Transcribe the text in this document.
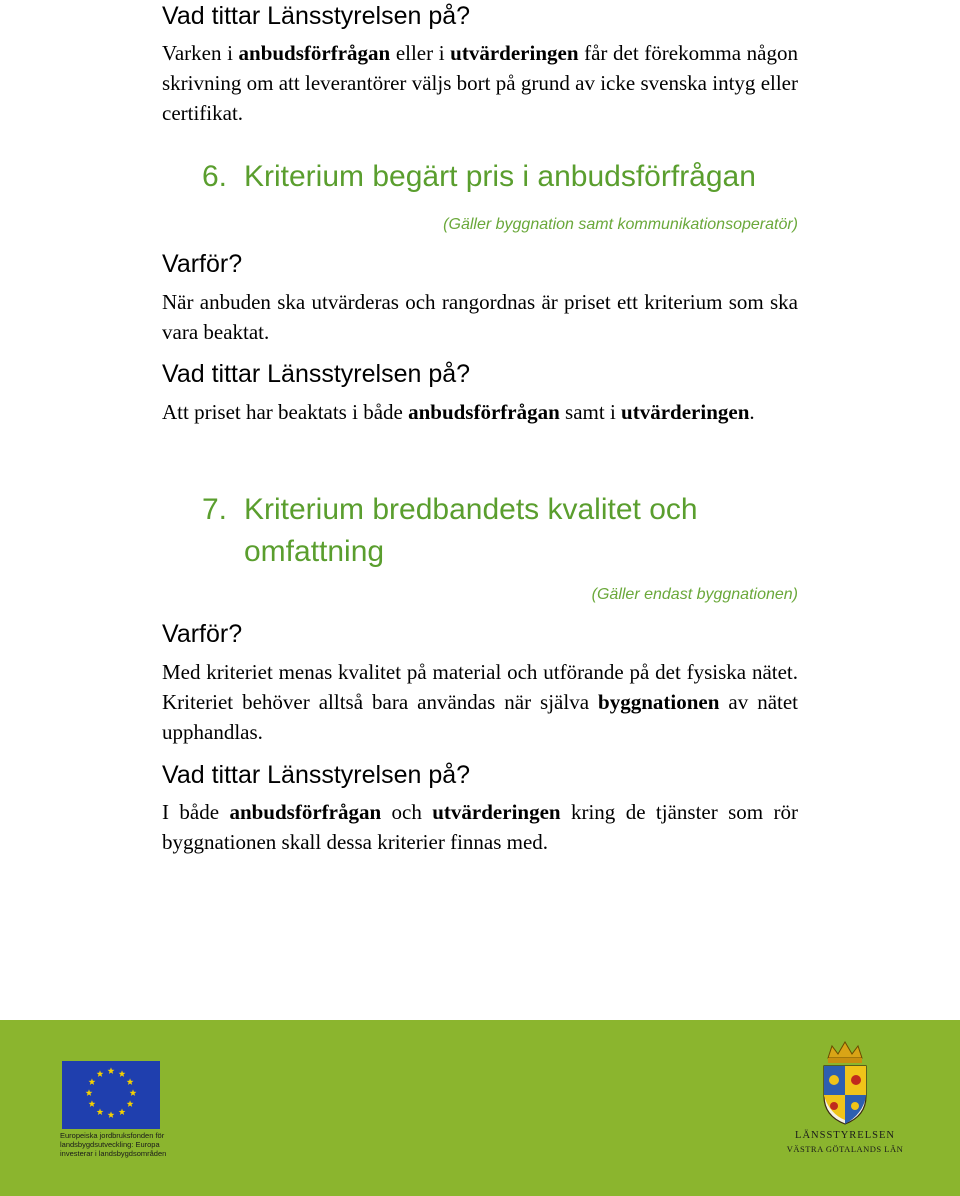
Vad tittar Länsstyrelsen på?
Varken i anbudsförfrågan eller i utvärderingen får det förekomma någon skrivning om att leverantörer väljs bort på grund av icke svenska intyg eller certifikat.
6. Kriterium begärt pris i anbudsförfrågan
(Gäller byggnation samt kommunikationsoperatör)
Varför?
När anbuden ska utvärderas och rangordnas är priset ett kriterium som ska vara beaktat.
Vad tittar Länsstyrelsen på?
Att priset har beaktats i både anbudsförfrågan samt i utvärderingen.
7. Kriterium bredbandets kvalitet och
omfattning
(Gäller endast byggnationen)
Varför?
Med kriteriet menas kvalitet på material och utförande på det fysiska nätet. Kriteriet behöver alltså bara användas när själva byggnationen av nätet upphandlas.
Vad tittar Länsstyrelsen på?
I både anbudsförfrågan och utvärderingen kring de tjänster som rör byggnationen skall dessa kriterier finnas med.
Europeiska jordbruksfonden för landsbygdsutveckling: Europa investerar i landsbygdsområden
LÄNSSTYRELSEN
VÄSTRA GÖTALANDS LÄN
